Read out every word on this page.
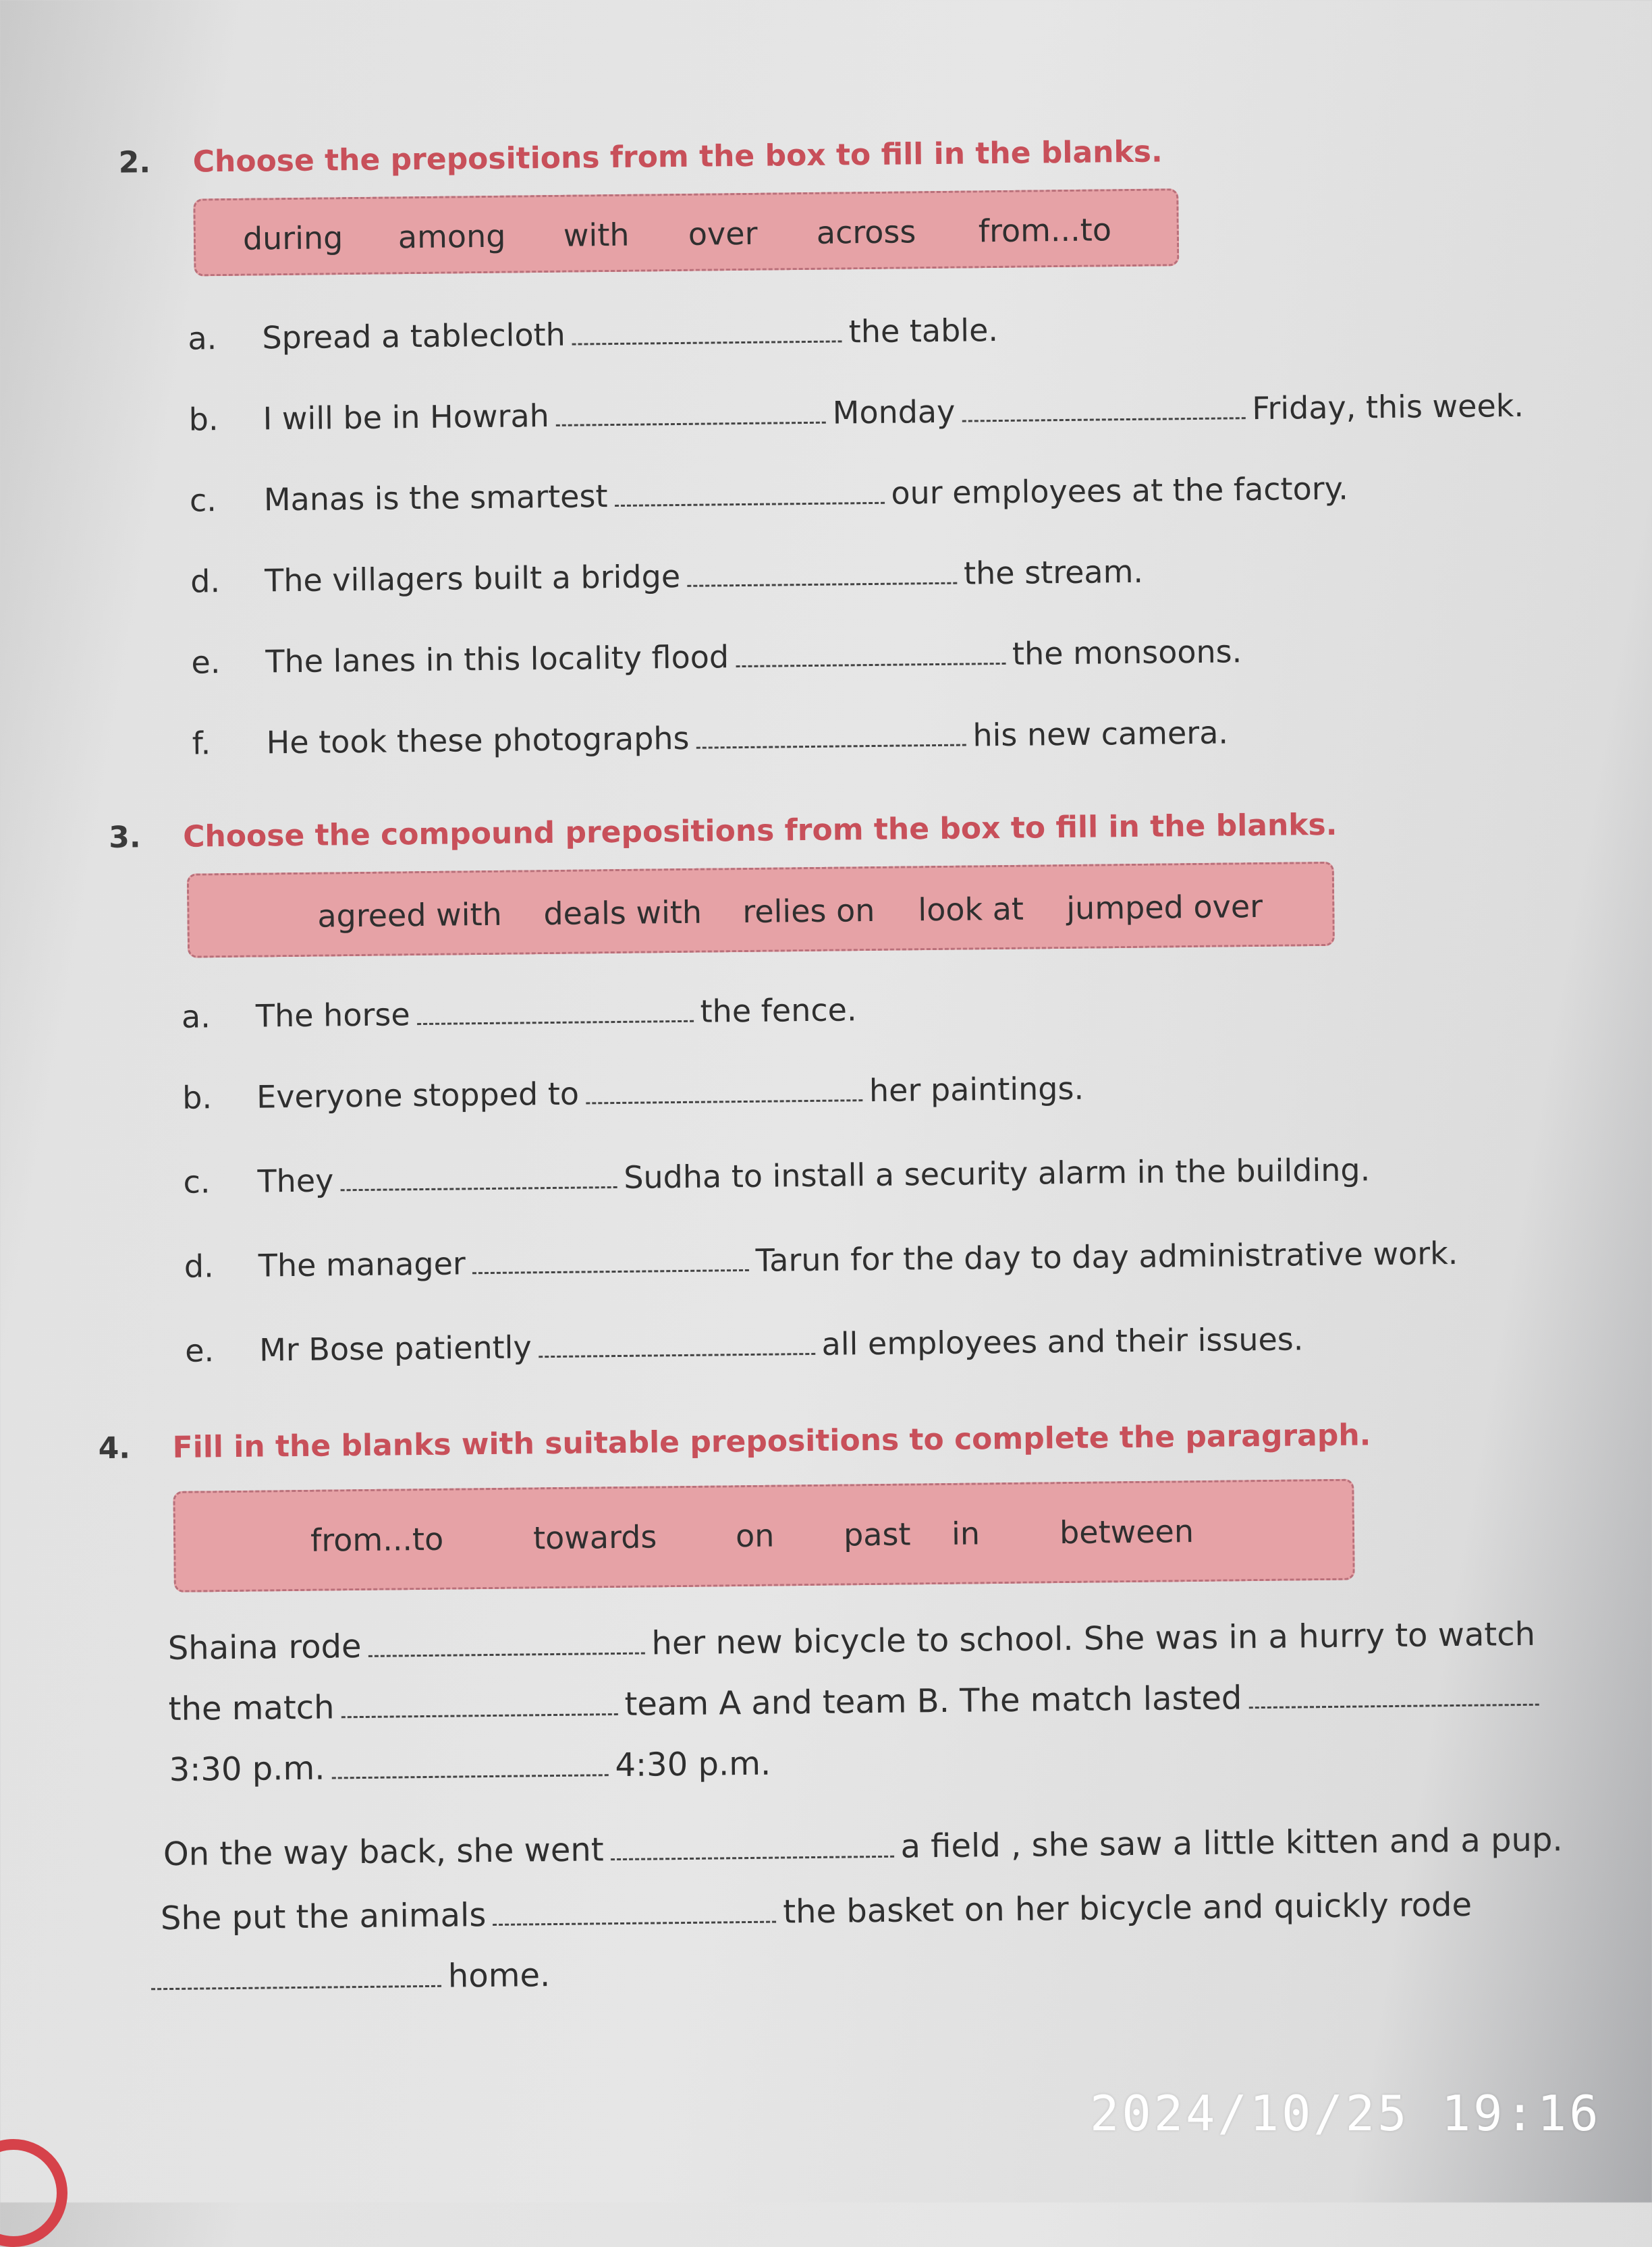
2. Choose the prepositions from the box to fill in the blanks.
during among with over across from...to
a. Spread a tablecloth	the table.
b. I will be in Howrah	Monday	Friday, this week.
c. Manas is the smartest	our employees at the factory.
d. The villagers built a bridge	the stream.
e. The lanes in this locality flood	the monsoons.
f. He took these photographs	his new camera.
3. Choose the compound prepositions from the box to fill in the blanks.
agreed with deals with relies on look at jumped over
a. The horse	the fence.
b. Everyone stopped to	her paintings.
c. They	Sudha to install a security alarm in the building.
d. The manager	Tarun for the day to day administrative work.
e. Mr Bose patiently	all employees and their issues.
4. Fill in the blanks with suitable prepositions to complete the paragraph.
from...to	towards	on past in	between
Shaina rode	her new bicycle to school. She was in a hurry to watch
the match	team A and team B. The match lasted
3:30 p.m.	4:30 p.m.
On the way back, she went	a field , she saw a little kitten and a pup.
She put the animals	the basket on her bicycle and quickly rode
home.
2024/10/25 19:16
